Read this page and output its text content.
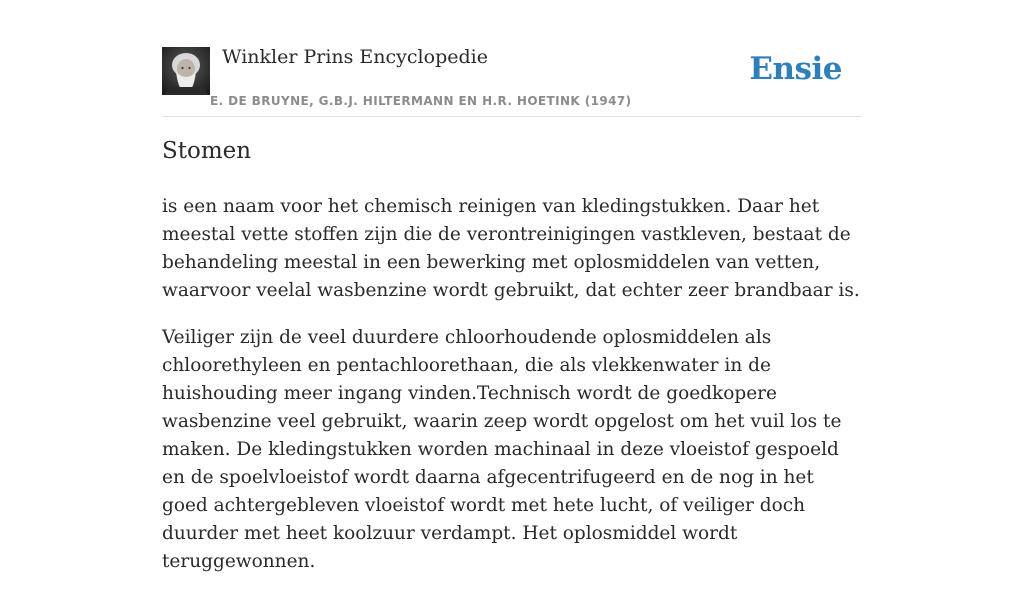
Winkler Prins Encyclopedie
E. DE BRUYNE, G.B.J. HILTERMANN EN H.R. HOETINK (1947)
Ensie
Stomen

is een naam voor het chemisch reinigen van kledingstukken. Daar het meestal vette stoffen zijn die de verontreinigingen vastkleven, bestaat de behandeling meestal in een bewerking met oplosmiddelen van vetten, waarvoor veelal wasbenzine wordt gebruikt, dat echter zeer brandbaar is.

Veiliger zijn de veel duurdere chloorhoudende oplosmiddelen als chloorethyleen en pentachloorethaan, die als vlekkenwater in de huishouding meer ingang vinden.Technisch wordt de goedkopere wasbenzine veel gebruikt, waarin zeep wordt opgelost om het vuil los te maken. De kledingstukken worden machinaal in deze vloeistof gespoeld en de spoelvloeistof wordt daarna afgecentrifugeerd en de nog in het goed achtergebleven vloeistof wordt met hete lucht, of veiliger doch duurder met heet koolzuur verdampt. Het oplosmiddel wordt teruggewonnen.
